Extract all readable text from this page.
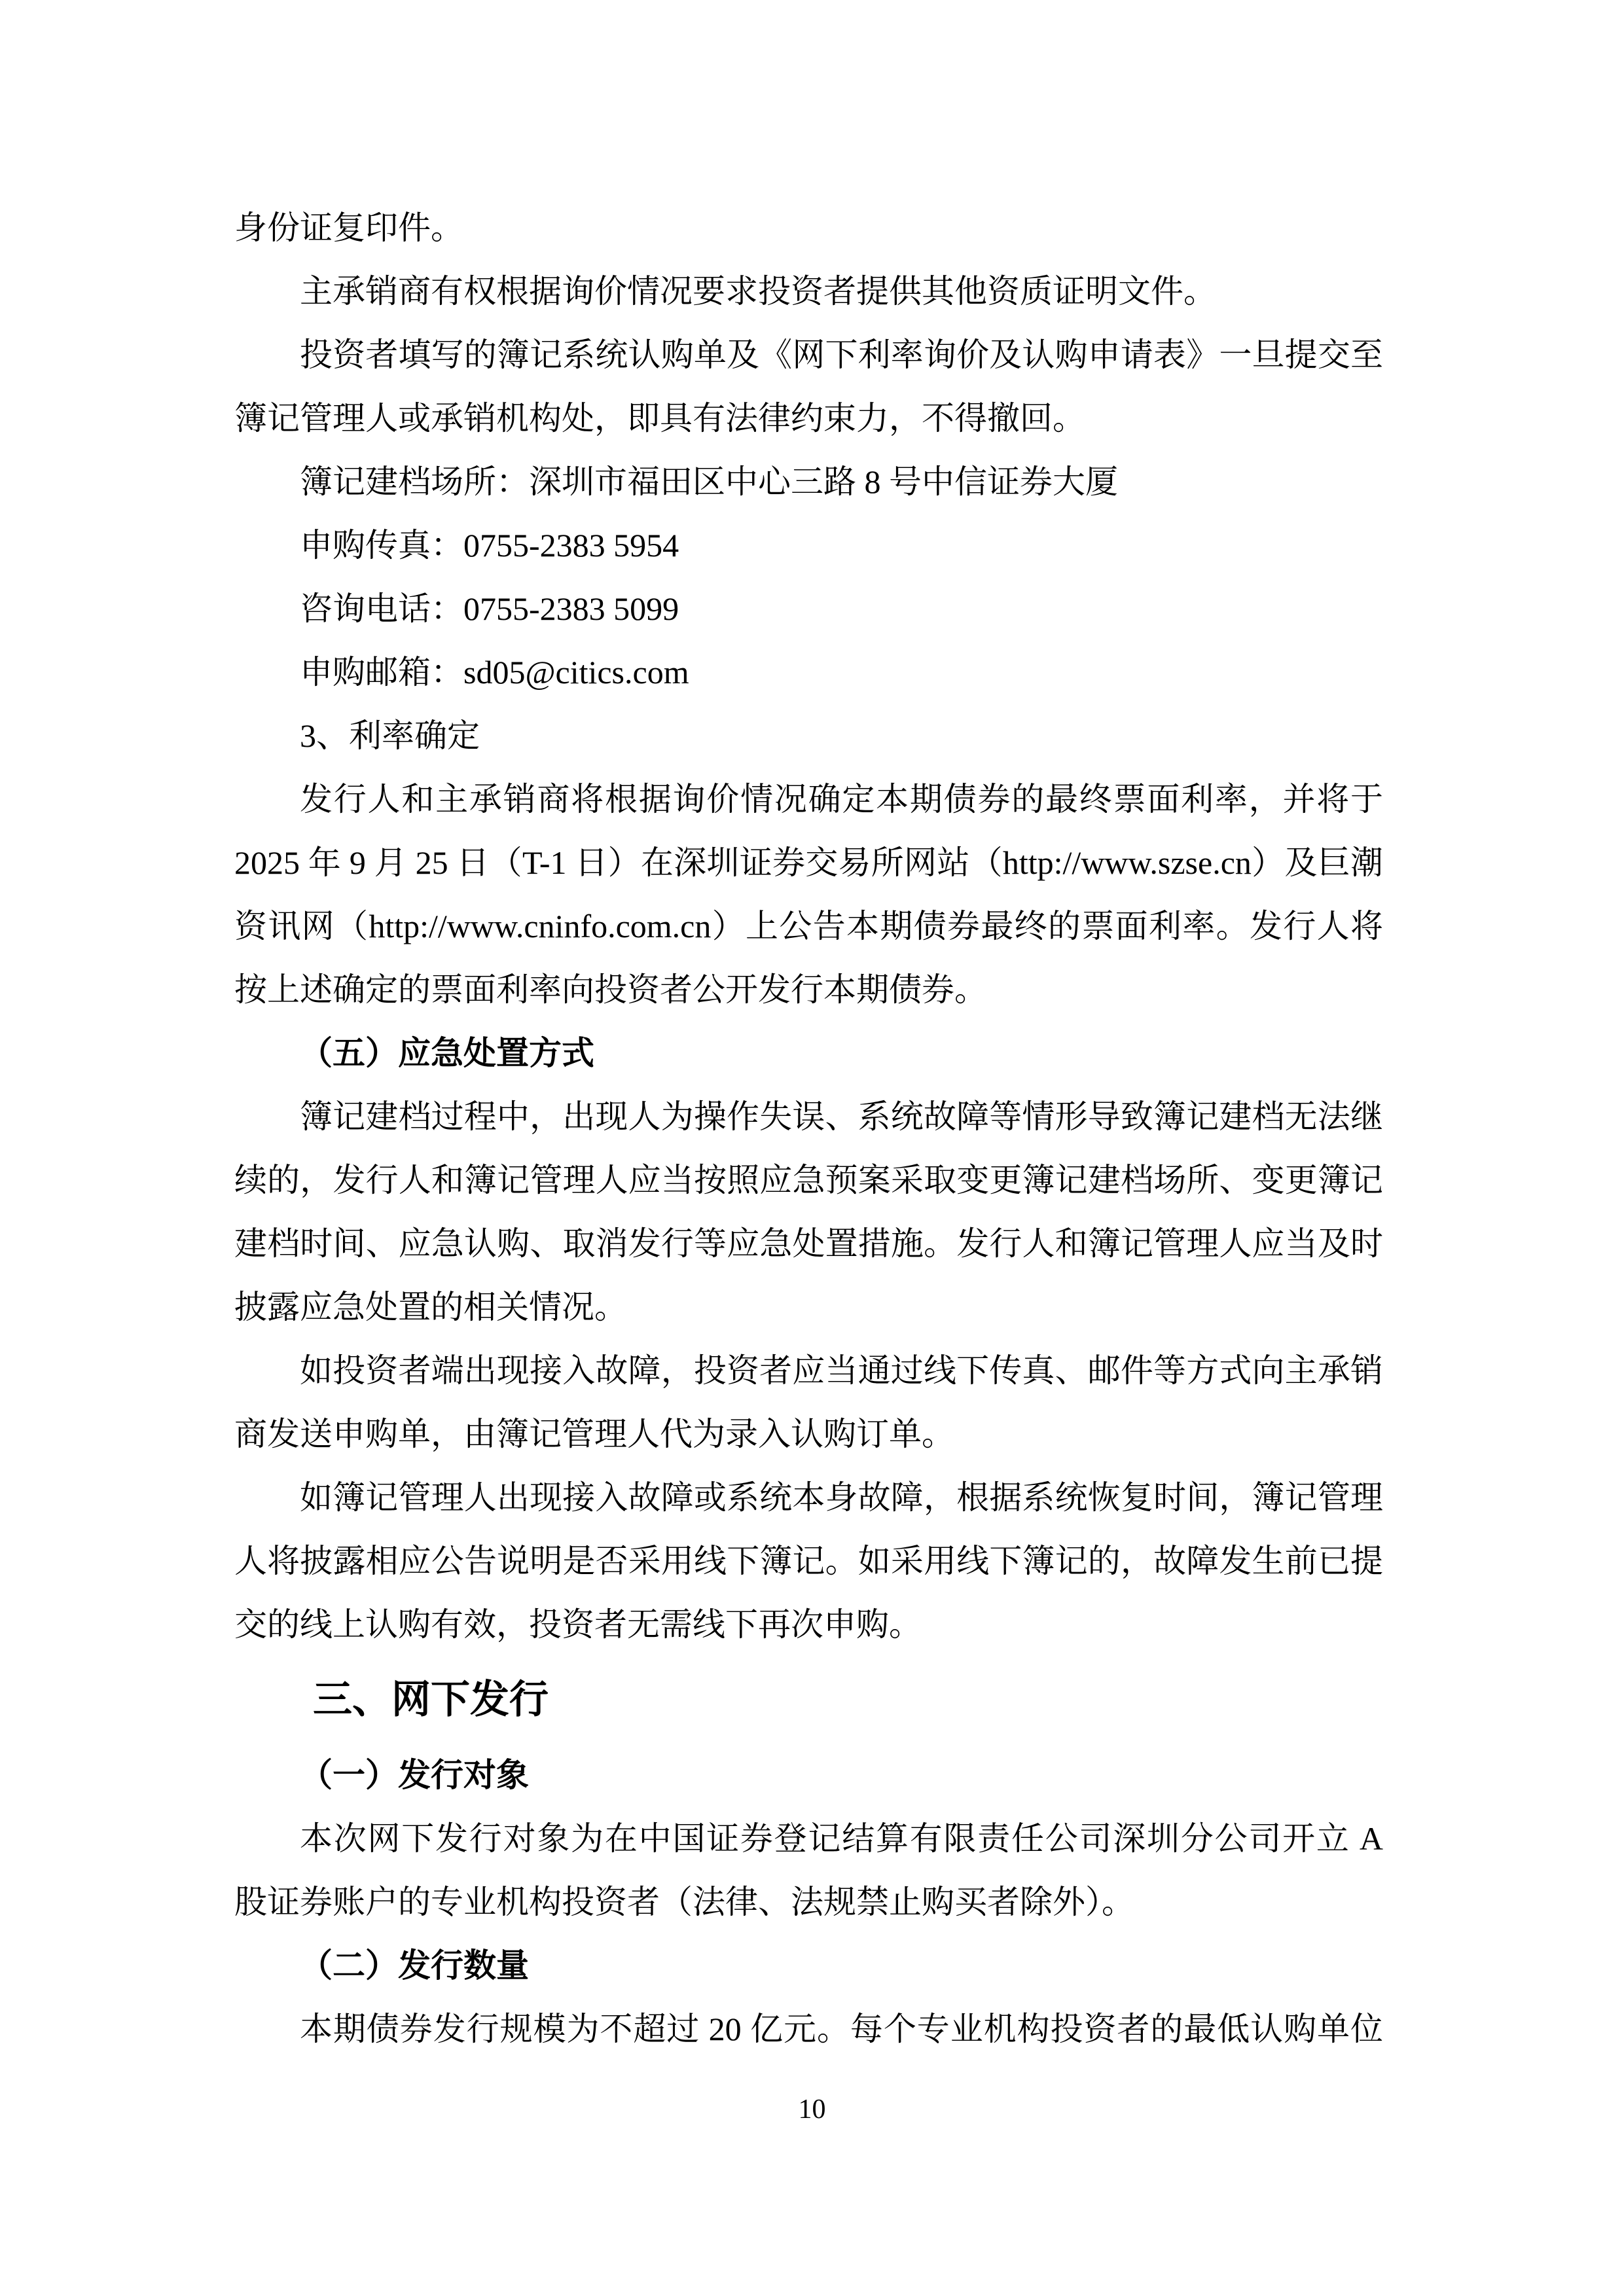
身份证复印件。
主承销商有权根据询价情况要求投资者提供其他资质证明文件。
投资者填写的簿记系统认购单及《网下利率询价及认购申请表》一旦提交至
簿记管理人或承销机构处，即具有法律约束力，不得撤回。
簿记建档场所：深圳市福田区中心三路 8 号中信证券大厦
申购传真：0755-2383 5954
咨询电话：0755-2383 5099
申购邮箱：sd05@citics.com
3、利率确定
发行人和主承销商将根据询价情况确定本期债券的最终票面利率，并将于
2025 年 9 月 25 日（T-1 日）在深圳证券交易所网站（http://www.szse.cn）及巨潮
资讯网（http://www.cninfo.com.cn）上公告本期债券最终的票面利率。发行人将
按上述确定的票面利率向投资者公开发行本期债券。
（五）应急处置方式
簿记建档过程中，出现人为操作失误、系统故障等情形导致簿记建档无法继
续的，发行人和簿记管理人应当按照应急预案采取变更簿记建档场所、变更簿记
建档时间、应急认购、取消发行等应急处置措施。发行人和簿记管理人应当及时
披露应急处置的相关情况。
如投资者端出现接入故障，投资者应当通过线下传真、邮件等方式向主承销
商发送申购单，由簿记管理人代为录入认购订单。
如簿记管理人出现接入故障或系统本身故障，根据系统恢复时间，簿记管理
人将披露相应公告说明是否采用线下簿记。如采用线下簿记的，故障发生前已提
交的线上认购有效，投资者无需线下再次申购。
三、网下发行
（一）发行对象
本次网下发行对象为在中国证券登记结算有限责任公司深圳分公司开立 A
股证券账户的专业机构投资者（法律、法规禁止购买者除外）。
（二）发行数量
本期债券发行规模为不超过 20 亿元。每个专业机构投资者的最低认购单位
10
